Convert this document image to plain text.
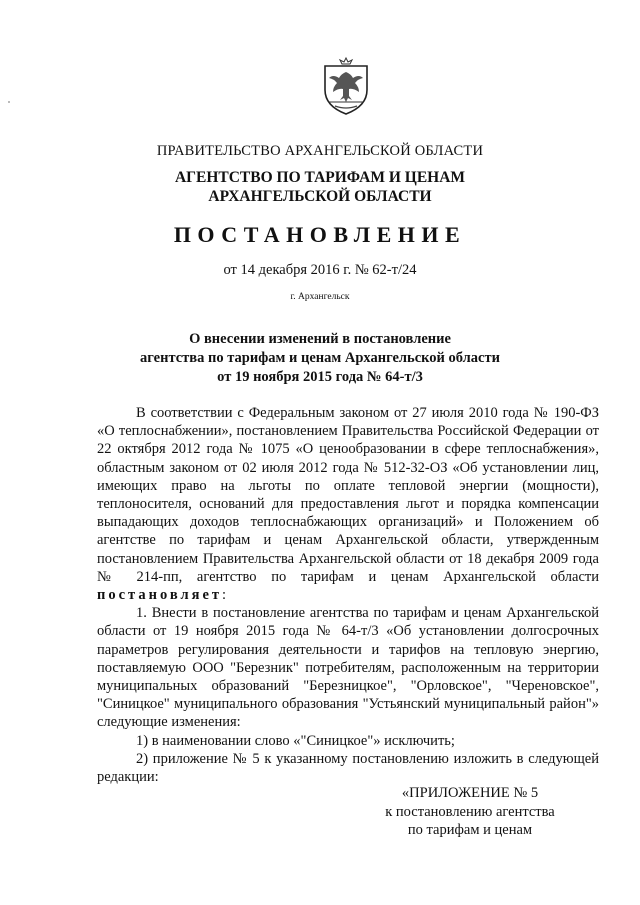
ПРАВИТЕЛЬСТВО АРХАНГЕЛЬСКОЙ ОБЛАСТИ
АГЕНТСТВО ПО ТАРИФАМ И ЦЕНАМ
АРХАНГЕЛЬСКОЙ ОБЛАСТИ
ПОСТАНОВЛЕНИЕ
от 14 декабря 2016 г. № 62-т/24
г. Архангельск
О внесении изменений в постановление
агентства по тарифам и ценам Архангельской области
от 19 ноября 2015 года № 64-т/3

В соответствии с Федеральным законом от 27 июля 2010 года № 190-ФЗ «О теплоснабжении», постановлением Правительства Российской Федерации от 22 октября 2012 года № 1075 «О ценообразовании в сфере теплоснабжения», областным законом от 02 июля 2012 года № 512-32-ОЗ «Об установлении лиц, имеющих право на льготы по оплате тепловой энергии (мощности), теплоносителя, оснований для предоставления льгот и порядка компенсации выпадающих доходов теплоснабжающих организаций» и Положением об агентстве по тарифам и ценам Архангельской области, утвержденным постановлением Правительства Архангельской области от 18 декабря 2009 года № 214-пп, агентство по тарифам и ценам Архангельской области постановляет:

1. Внести в постановление агентства по тарифам и ценам Архангельской области от 19 ноября 2015 года № 64-т/3 «Об установлении долгосрочных параметров регулирования деятельности и тарифов на тепловую энергию, поставляемую ООО "Березник" потребителям, расположенным на территории муниципальных образований "Березницкое", "Орловское", "Череновское", "Синицкое" муниципального образования "Устьянский муниципальный район"» следующие изменения:

1) в наименовании слово «"Синицкое"» исключить;

2) приложение № 5 к указанному постановлению изложить в следующей редакции:

«ПРИЛОЖЕНИЕ № 5
к постановлению агентства
по тарифам и ценам
